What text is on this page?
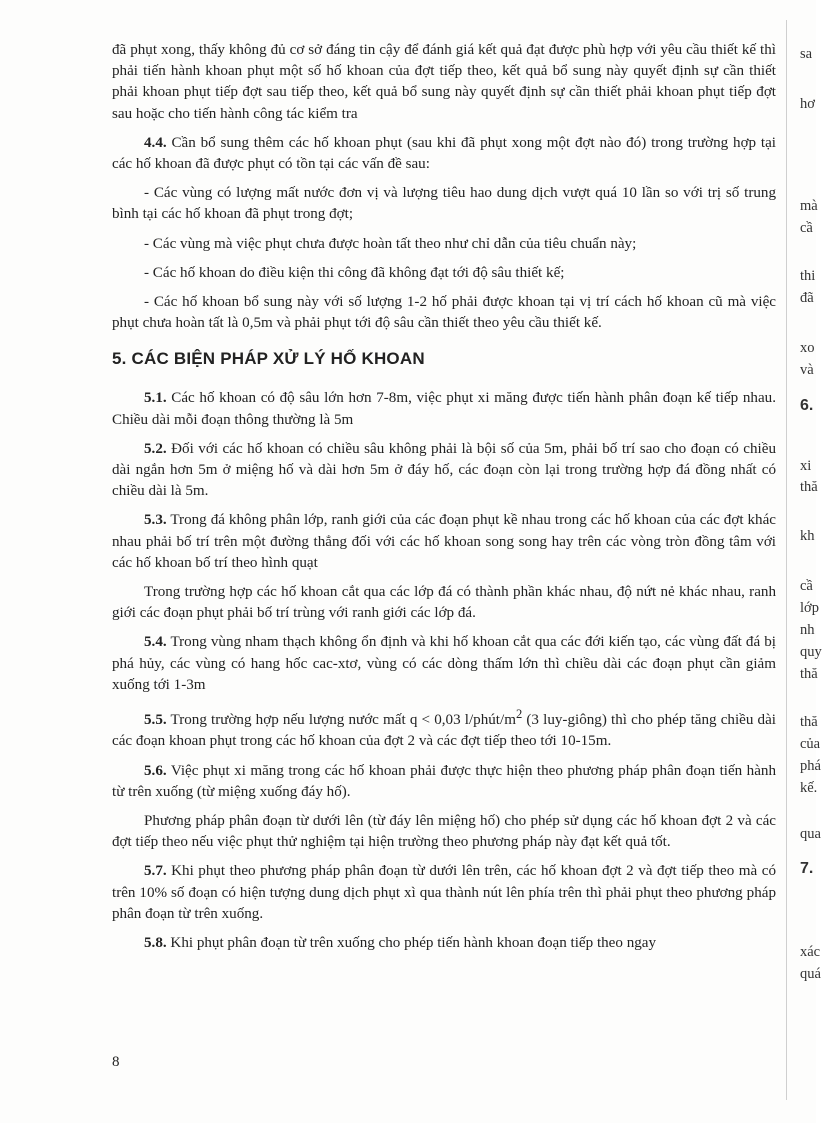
đã phụt xong, thấy không đủ cơ sở đáng tin cậy để đánh giá kết quả đạt được phù hợp với yêu cầu thiết kế thì phải tiến hành khoan phụt một số hố khoan của đợt tiếp theo, kết quả bổ sung này quyết định sự cần thiết phải khoan phụt tiếp đợt sau tiếp theo, kết quả bổ sung này quyết định sự cần thiết phải khoan phụt tiếp đợt sau hoặc cho tiến hành công tác kiểm tra

4.4. Cần bổ sung thêm các hố khoan phụt (sau khi đã phụt xong một đợt nào đó) trong trường hợp tại các hố khoan đã được phụt có tồn tại các vấn đề sau:

- Các vùng có lượng mất nước đơn vị và lượng tiêu hao dung dịch vượt quá 10 lần so với trị số trung bình tại các hố khoan đã phụt trong đợt;

- Các vùng mà việc phụt chưa được hoàn tất theo như chỉ dẫn của tiêu chuẩn này;

- Các hố khoan do điều kiện thi công đã không đạt tới độ sâu thiết kế;

- Các hố khoan bổ sung này với số lượng 1-2 hố phải được khoan tại vị trí cách hố khoan cũ mà việc phụt chưa hoàn tất là 0,5m và phải phụt tới độ sâu cần thiết theo yêu cầu thiết kế.

5. CÁC BIỆN PHÁP XỬ LÝ HỐ KHOAN

5.1. Các hố khoan có độ sâu lớn hơn 7-8m, việc phụt xi măng được tiến hành phân đoạn kế tiếp nhau. Chiều dài mỗi đoạn thông thường là 5m

5.2. Đối với các hố khoan có chiều sâu không phải là bội số của 5m, phải bố trí sao cho đoạn có chiều dài ngắn hơn 5m ở miệng hố và dài hơn 5m ở đáy hố, các đoạn còn lại trong trường hợp đá đồng nhất có chiều dài là 5m.

5.3. Trong đá không phân lớp, ranh giới của các đoạn phụt kề nhau trong các hố khoan của các đợt khác nhau phải bố trí trên một đường thẳng đối với các hố khoan song song hay trên các vòng tròn đồng tâm với các hố khoan bố trí theo hình quạt

Trong trường hợp các hố khoan cắt qua các lớp đá có thành phần khác nhau, độ nứt nẻ khác nhau, ranh giới các đoạn phụt phải bố trí trùng với ranh giới các lớp đá.

5.4. Trong vùng nham thạch không ổn định và khi hố khoan cắt qua các đới kiến tạo, các vùng đất đá bị phá hủy, các vùng có hang hốc cac-xtơ, vùng có các dòng thấm lớn thì chiều dài các đoạn phụt cần giảm xuống tới 1-3m

5.5. Trong trường hợp nếu lượng nước mất q < 0,03 $l/phút/m^2$ (3 luy-giông) thì cho phép tăng chiều dài các đoạn khoan phụt trong các hố khoan của đợt 2 và các đợt tiếp theo tới 10-15m.

5.6. Việc phụt xi măng trong các hố khoan phải được thực hiện theo phương pháp phân đoạn tiến hành từ trên xuống (từ miệng xuống đáy hố).

Phương pháp phân đoạn từ dưới lên (từ đáy lên miệng hố) cho phép sử dụng các hố khoan đợt 2 và các đợt tiếp theo nếu việc phụt thử nghiệm tại hiện trường theo phương pháp này đạt kết quả tốt.

5.7. Khi phụt theo phương pháp phân đoạn từ dưới lên trên, các hố khoan đợt 2 và đợt tiếp theo mà có trên 10% số đoạn có hiện tượng dung dịch phụt xì qua thành nút lên phía trên thì phải phụt theo phương pháp phân đoạn từ trên xuống.

5.8. Khi phụt phân đoạn từ trên xuống cho phép tiến hành khoan đoạn tiếp theo ngay

8
sa
hơ
mà
cầ
thi
đã
xo
và
6.
xi
thă
kh
cầ
lớp
nh
quy
thă
thă
của
phá
kế.
qua
7.
xác
quá
